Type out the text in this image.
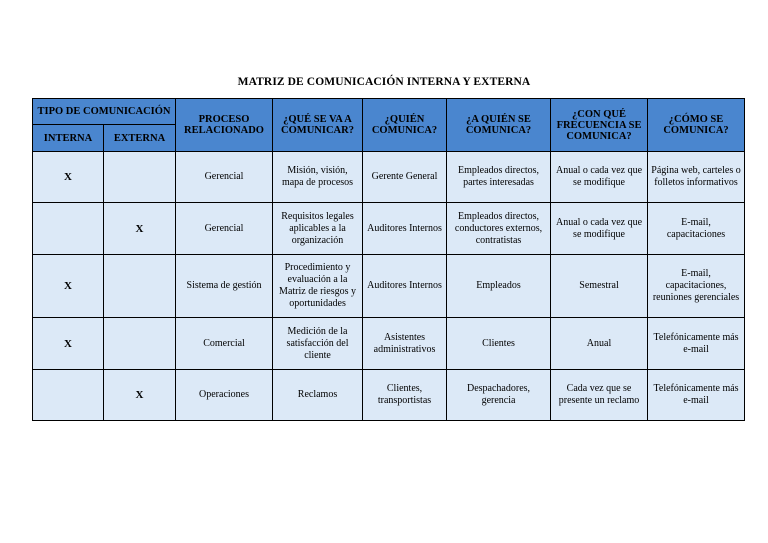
MATRIZ DE COMUNICACIÓN INTERNA Y EXTERNA
TIPO DE COMUNICACIÓN		PROCESO RELACIONADO	¿QUÉ SE VA A COMUNICAR?	¿QUIÉN COMUNICA?	¿A QUIÉN SE COMUNICA?	¿CON QUÉ FRECUENCIA SE COMUNICA?	¿CÓMO SE COMUNICA?
INTERNA	EXTERNA						
X		Gerencial	Misión, visión, mapa de procesos	Gerente General	Empleados directos, partes interesadas	Anual o cada vez que se modifique	Página web, carteles o folletos informativos
	X	Gerencial	Requisitos legales aplicables a la organización	Auditores Internos	Empleados directos, conductores externos, contratistas	Anual o cada vez que se modifique	E-mail, capacitaciones
X		Sistema de gestión	Procedimiento y evaluación a la Matriz de riesgos y oportunidades	Auditores Internos	Empleados	Semestral	E-mail, capacitaciones, reuniones gerenciales
X		Comercial	Medición de la satisfacción del cliente	Asistentes administrativos	Clientes	Anual	Telefónicamente más e-mail
	X	Operaciones	Reclamos	Clientes, transportistas	Despachadores, gerencia	Cada vez que se presente un reclamo	Telefónicamente más e-mail
